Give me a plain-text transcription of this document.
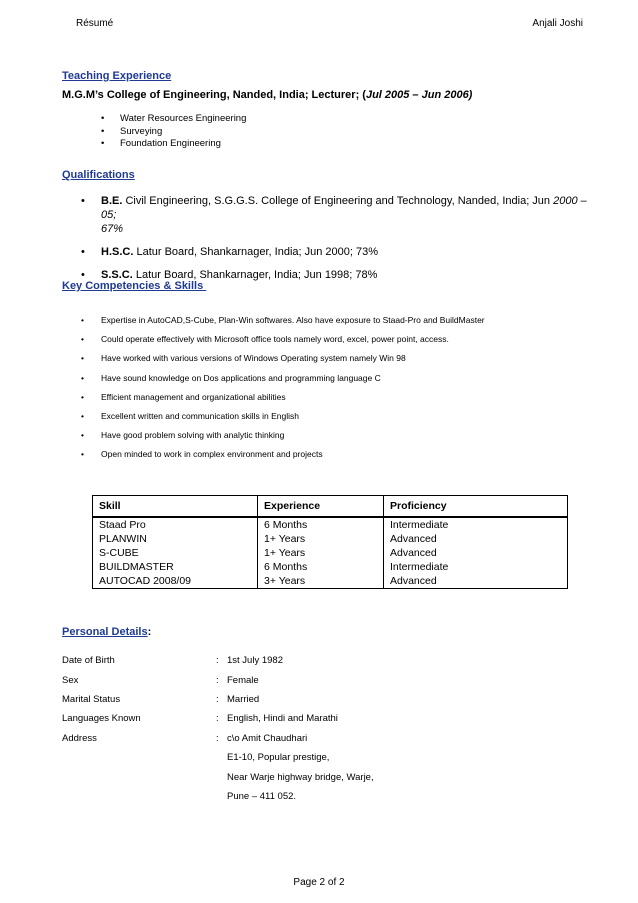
Résumé	Anjali Joshi
Teaching Experience
M.G.M’s College of Engineering, Nanded, India; Lecturer; (Jul 2005 – Jun 2006)
• Water Resources Engineering
• Surveying
• Foundation Engineering
Qualifications
• B.E. Civil Engineering, S.G.G.S. College of Engineering and Technology, Nanded, India; Jun 2000 – 05;
67%
• H.S.C. Latur Board, Shankarnager, India; Jun 2000; 73%
• S.S.C. Latur Board, Shankarnager, India; Jun 1998; 78%
Key Competencies & Skills
• Expertise in AutoCAD,S-Cube, Plan-Win softwares. Also have exposure to Staad-Pro and BuildMaster
• Could operate effectively with Microsoft office tools namely word, excel, power point, access.
• Have worked with various versions of Windows Operating system namely Win 98
• Have sound knowledge on Dos applications and programming language C
• Efficient management and organizational abilities
• Excellent written and communication skills in English
• Have good problem solving with analytic thinking
• Open minded to work in complex environment and projects
Skill	Experience	Proficiency
Staad Pro	6 Months	Intermediate
PLANWIN	1+ Years	Advanced
S-CUBE	1+ Years	Advanced
BUILDMASTER	6 Months	Intermediate
AUTOCAD 2008/09	3+ Years	Advanced
Personal Details:
Date of Birth	: 1st July 1982
Sex	: Female
Marital Status	: Married
Languages Known	: English, Hindi and Marathi
Address	: c\o Amit Chaudhari
E1-10, Popular prestige,
Near Warje highway bridge, Warje,
Pune – 411 052.
Page 2 of 2
